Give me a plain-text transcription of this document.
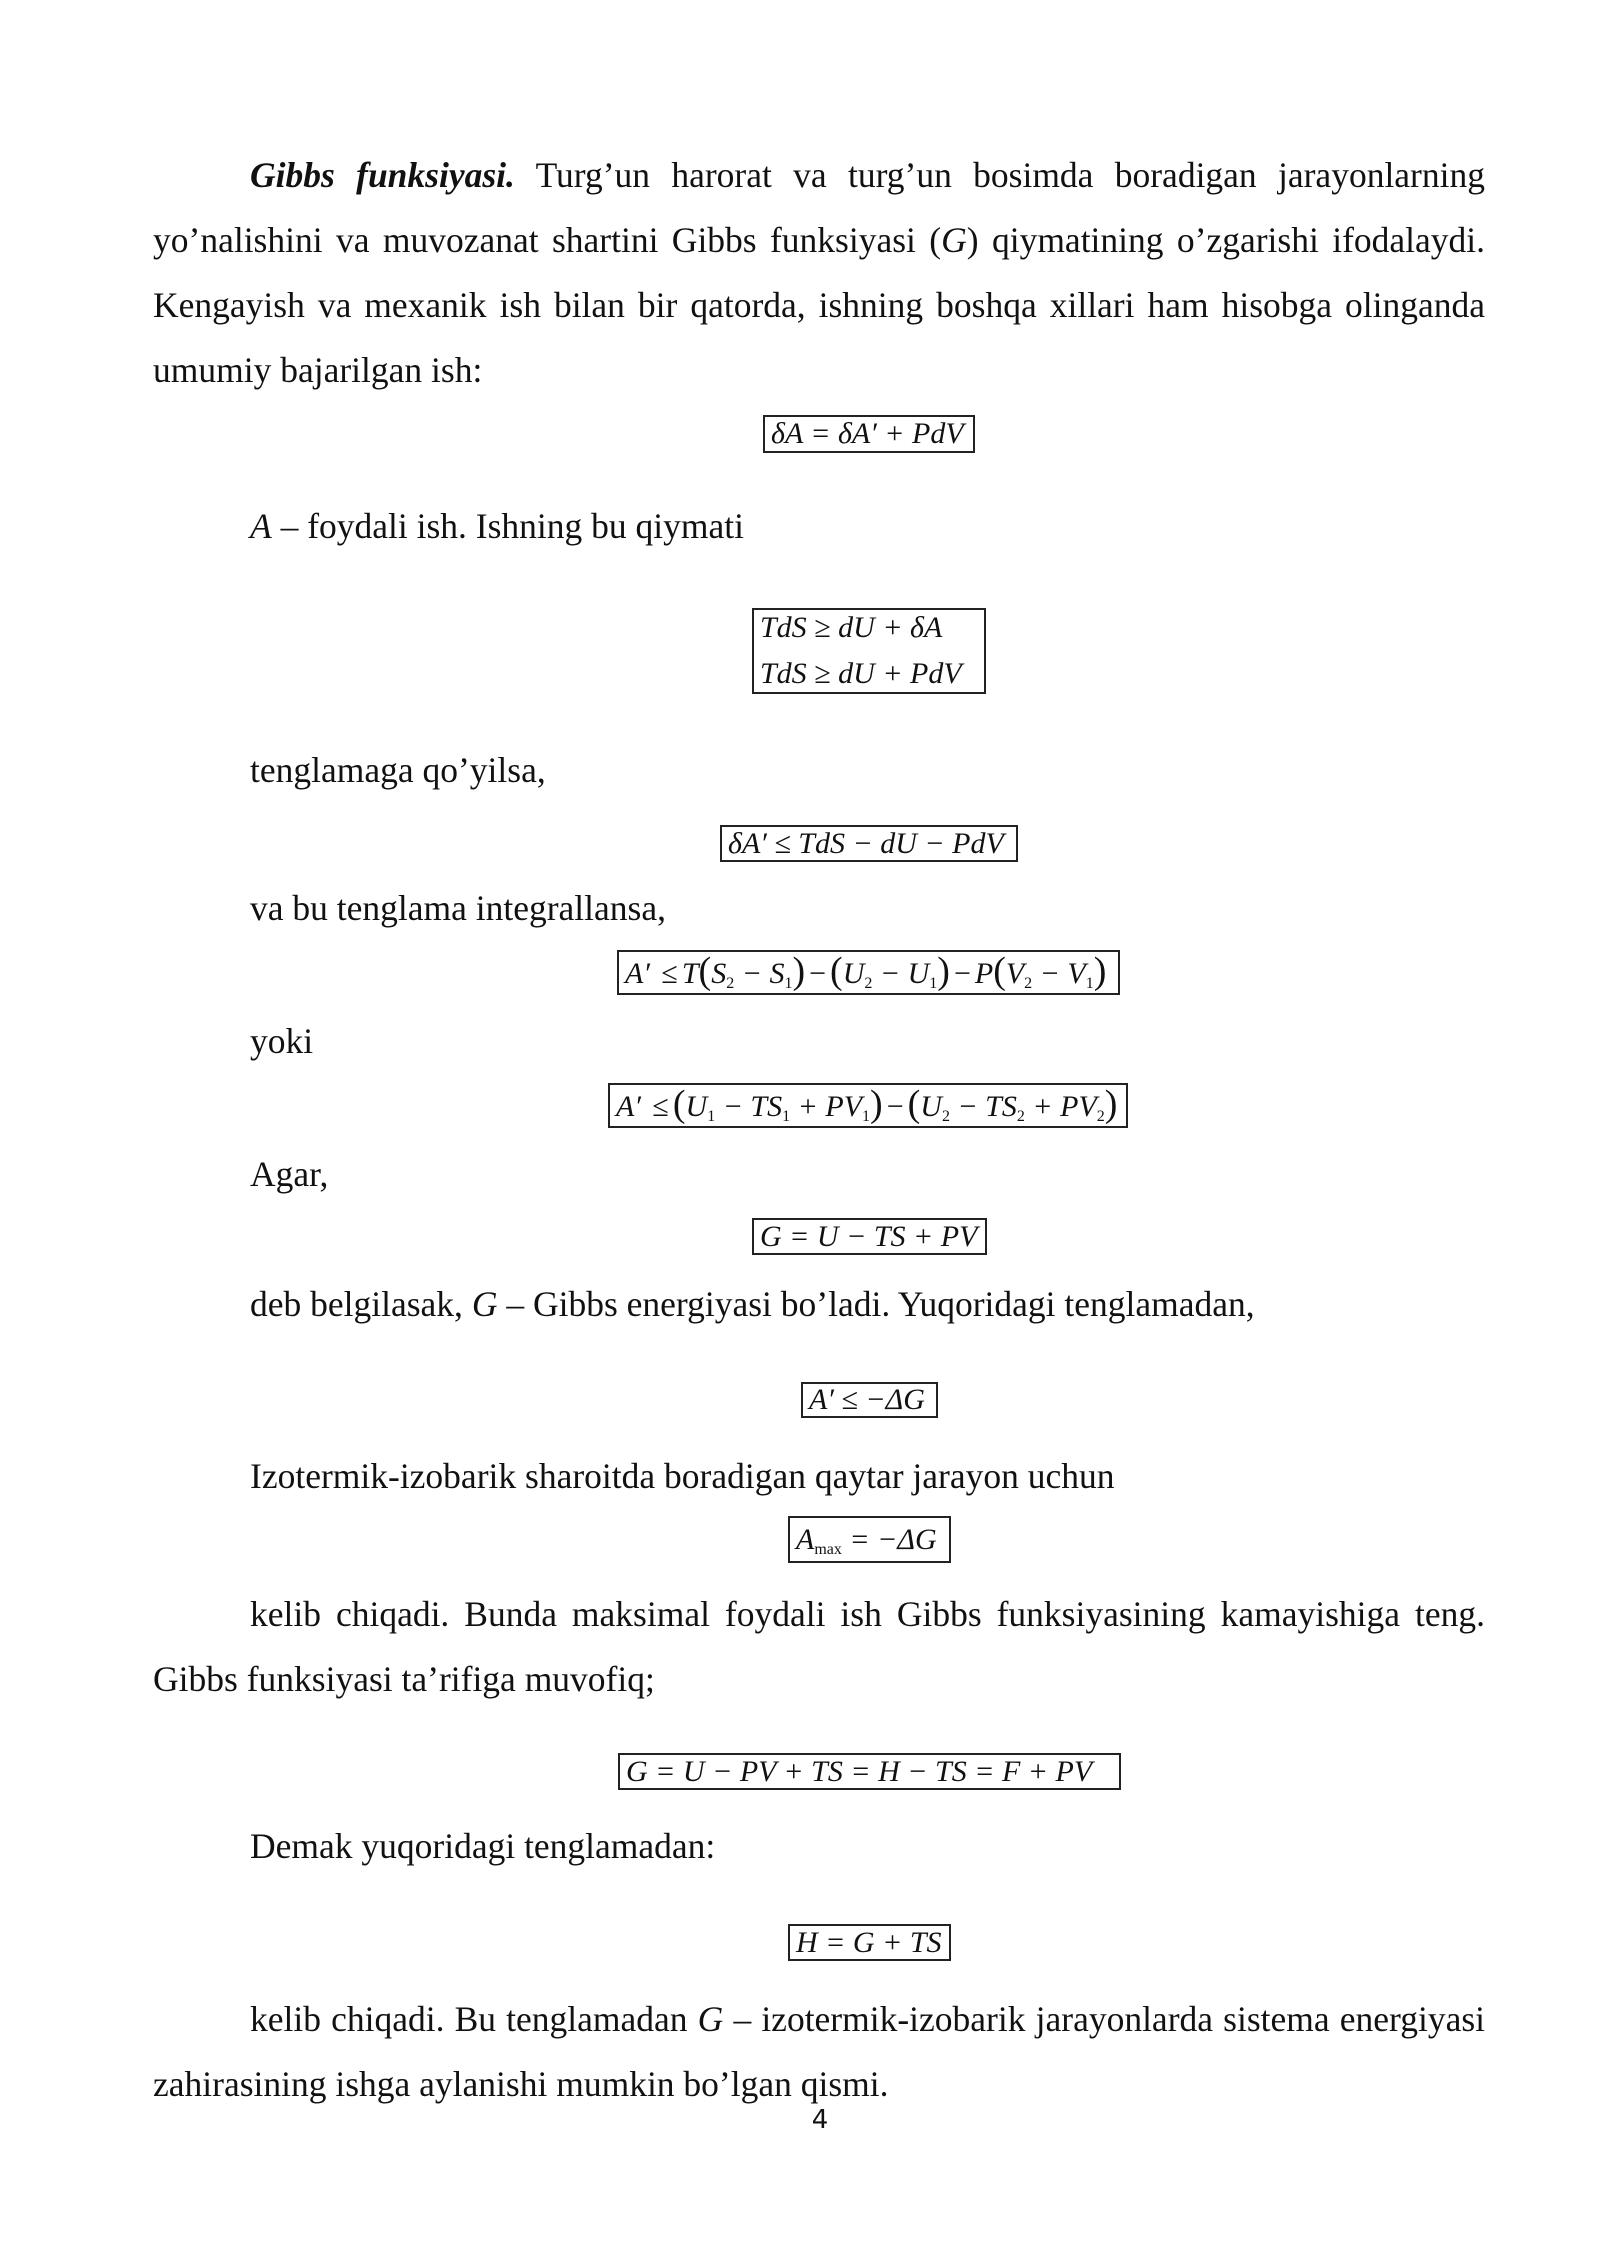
Gibbs funksiyasi. Turg’un harorat va turg’un bosimda boradigan jarayonlarning yo’nalishini va muvozanat shartini Gibbs funksiyasi (G) qiymatining o’zgarishi ifodalaydi. Kengayish va mexanik ish bilan bir qatorda, ishning boshqa xillari ham hisobga olinganda umumiy bajarilgan ish:

δA = δA′ + PdV

A – foydali ish. Ishning bu qiymati

TdS ≥ dU + δA
TdS ≥ dU + PdV

tenglamaga qo’yilsa,

δA′ ≤ TdS − dU − PdV

va bu tenglama integrallansa,

$A' \le T(S_2 - S_1) - (U_2 - U_1) - P(V_2 - V_1)$

yoki

$A' \le (U_1 - TS_1 + PV_1) - (U_2 - TS_2 + PV_2)$

Agar,

G = U − TS + PV

deb belgilasak, G – Gibbs energiyasi bo’ladi. Yuqoridagi tenglamadan,

A′ ≤ −ΔG

Izotermik-izobarik sharoitda boradigan qaytar jarayon uchun

$A_{max} = -\Delta G$

kelib chiqadi. Bunda maksimal foydali ish Gibbs funksiyasining kamayishiga teng. Gibbs funksiyasi ta’rifiga muvofiq;

G = U − PV + TS = H − TS = F + PV

Demak yuqoridagi tenglamadan:

H = G + TS

kelib chiqadi. Bu tenglamadan G – izotermik-izobarik jarayonlarda sistema energiyasi zahirasining ishga aylanishi mumkin bo’lgan qismi.

4
